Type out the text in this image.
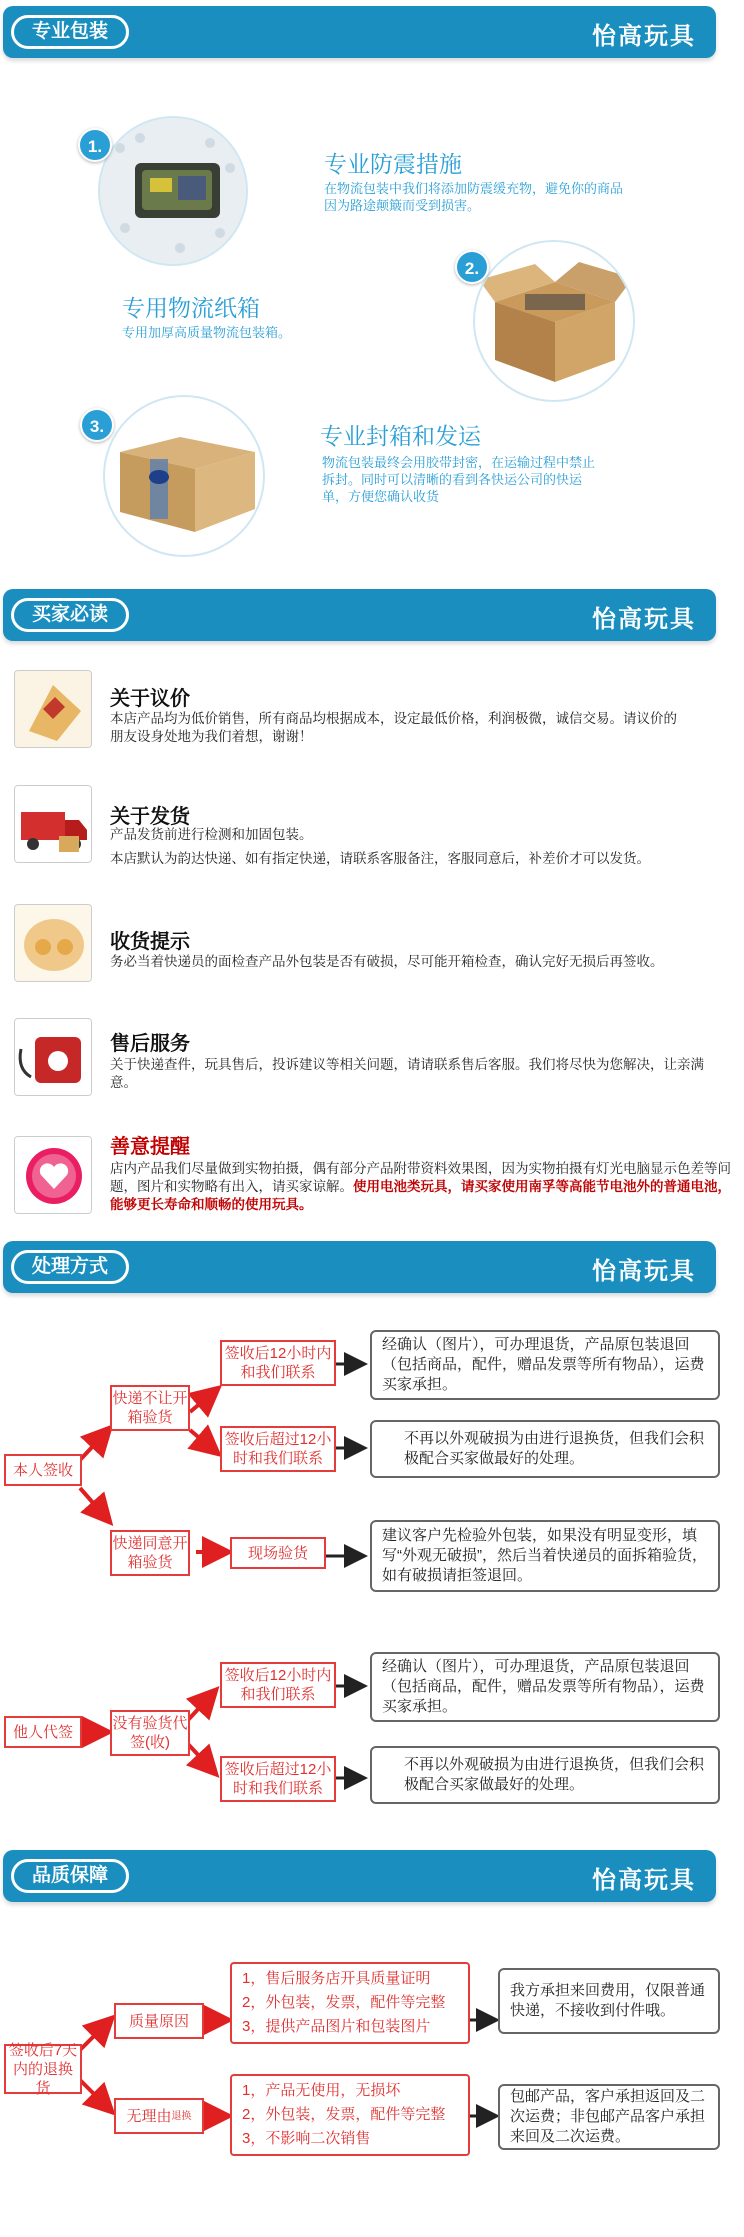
专业包装	怡高玩具
1.
专业防震措施
在物流包装中我们将添加防震缓充物，避免你的商品因为路途颠簸而受到损害。
专用物流纸箱
专用加厚高质量物流包装箱。
2.
3.	专业封箱和发运
物流包装最终会用胶带封密，在运输过程中禁止拆封。同时可以清晰的看到各快运公司的快运单，方便您确认收货
买家必读	怡高玩具
关于议价
本店产品均为低价销售，所有商品均根据成本，设定最低价格，利润极微，诚信交易。请议价的朋友设身处地为我们着想，谢谢！
关于发货
产品发货前进行检测和加固包装。
本店默认为韵达快递、如有指定快递，请联系客服备注，客服同意后，补差价才可以发货。
收货提示
务必当着快递员的面检查产品外包装是否有破损，尽可能开箱检查，确认完好无损后再签收。
售后服务
关于快递查件，玩具售后，投诉建议等相关问题，请请联系售后客服。我们将尽快为您解决，让亲满意。
善意提醒
店内产品我们尽量做到实物拍摄，偶有部分产品附带资料效果图，因为实物拍摄有灯光电脑显示色差等问题，图片和实物略有出入，请买家谅解。使用电池类玩具，请买家使用南孚等高能节电池外的普通电池，能够更长寿命和顺畅的使用玩具。
处理方式	怡高玩具
本人签收
快递不让开箱验货
签收后12小时内和我们联系
签收后超过12小时和我们联系
经确认（图片），可办理退货，产品原包装退回（包括商品，配件，赠品发票等所有物品），运费买家承担。
不再以外观破损为由进行退换货，但我们会积极配合买家做最好的处理。
快递同意开箱验货
现场验货
建议客户先检验外包装，如果没有明显变形，填写“外观无破损”，然后当着快递员的面拆箱验货，如有破损请拒签退回。
他人代签	没有验货代签(收)
签收后12小时内和我们联系
签收后超过12小时和我们联系
经确认（图片），可办理退货，产品原包装退回（包括商品，配件，赠品发票等所有物品），运费买家承担。
不再以外观破损为由进行退换货，但我们会积极配合买家做最好的处理。
品质保障	怡高玩具
签收后7天内的退换货
质量原因
无理由 退换
1，售后服务店开具质量证明
2，外包装，发票，配件等完整
3，提供产品图片和包装图片
我方承担来回费用，仅限普通快递，不接收到付件哦。
1，产品无使用，无损坏
2，外包装，发票，配件等完整
3，不影响二次销售
包邮产品，客户承担返回及二次运费；非包邮产品客户承担来回及二次运费。
